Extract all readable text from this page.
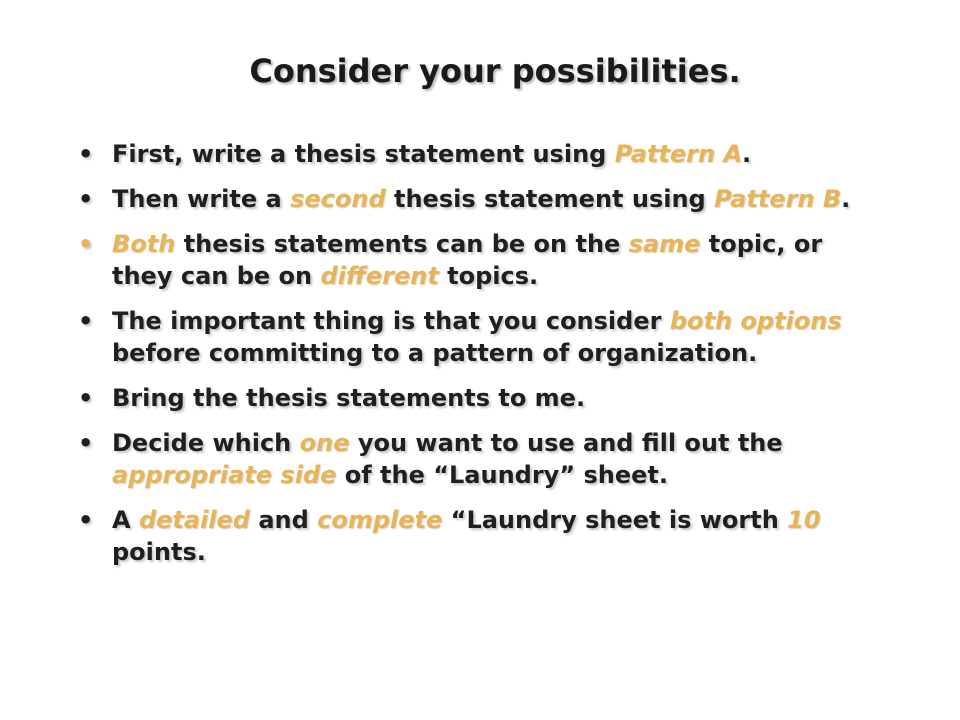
Consider your possibilities.
• First, write a thesis statement using Pattern A.
• Then write a second thesis statement using Pattern B.
• Both thesis statements can be on the same topic, or they can be on different topics.
• The important thing is that you consider both options before committing to a pattern of organization.
• Bring the thesis statements to me.
• Decide which one you want to use and fill out the appropriate side of the “Laundry” sheet.
• A detailed and complete “Laundry sheet is worth 10 points.
